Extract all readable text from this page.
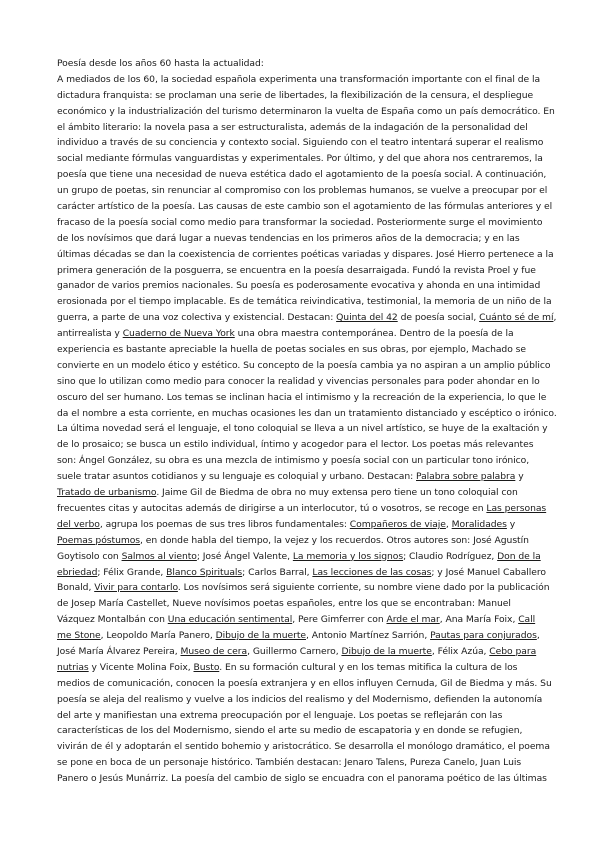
Poesía desde los años 60 hasta la actualidad:
A mediados de los 60, la sociedad española experimenta una transformación importante con el final de la
dictadura franquista: se proclaman una serie de libertades, la flexibilización de la censura, el despliegue
económico y la industrialización del turismo determinaron la vuelta de España como un país democrático. En
el ámbito literario: la novela pasa a ser estructuralista, además de la indagación de la personalidad del
individuo a través de su conciencia y contexto social. Siguiendo con el teatro intentará superar el realismo
social mediante fórmulas vanguardistas y experimentales. Por último, y del que ahora nos centraremos, la
poesía que tiene una necesidad de nueva estética dado el agotamiento de la poesía social. A continuación,
un grupo de poetas, sin renunciar al compromiso con los problemas humanos, se vuelve a preocupar por el
carácter artístico de la poesía. Las causas de este cambio son el agotamiento de las fórmulas anteriores y el
fracaso de la poesía social como medio para transformar la sociedad. Posteriormente surge el movimiento
de los novísimos que dará lugar a nuevas tendencias en los primeros años de la democracia; y en las
últimas décadas se dan la coexistencia de corrientes poéticas variadas y dispares. José Hierro pertenece a la
primera generación de la posguerra, se encuentra en la poesía desarraigada. Fundó la revista Proel y fue
ganador de varios premios nacionales. Su poesía es poderosamente evocativa y ahonda en una intimidad
erosionada por el tiempo implacable. Es de temática reivindicativa, testimonial, la memoria de un niño de la
guerra, a parte de una voz colectiva y existencial. Destacan: Quinta del 42 de poesía social, Cuánto sé de mí,
antirrealista y Cuaderno de Nueva York una obra maestra contemporánea. Dentro de la poesía de la
experiencia es bastante apreciable la huella de poetas sociales en sus obras, por ejemplo, Machado se
convierte en un modelo ético y estético. Su concepto de la poesía cambia ya no aspiran a un amplio público
sino que lo utilizan como medio para conocer la realidad y vivencias personales para poder ahondar en lo
oscuro del ser humano. Los temas se inclinan hacia el intimismo y la recreación de la experiencia, lo que le
da el nombre a esta corriente, en muchas ocasiones les dan un tratamiento distanciado y escéptico o irónico.
La última novedad será el lenguaje, el tono coloquial se lleva a un nivel artístico, se huye de la exaltación y
de lo prosaico; se busca un estilo individual, íntimo y acogedor para el lector. Los poetas más relevantes
son: Ángel González, su obra es una mezcla de intimismo y poesía social con un particular tono irónico,
suele tratar asuntos cotidianos y su lenguaje es coloquial y urbano. Destacan: Palabra sobre palabra y
Tratado de urbanismo. Jaime Gil de Biedma de obra no muy extensa pero tiene un tono coloquial con
frecuentes citas y autocitas además de dirigirse a un interlocutor, tú o vosotros, se recoge en Las personas
del verbo, agrupa los poemas de sus tres libros fundamentales: Compañeros de viaje, Moralidades y
Poemas póstumos, en donde habla del tiempo, la vejez y los recuerdos. Otros autores son: José Agustín
Goytisolo con Salmos al viento; José Ángel Valente, La memoria y los signos; Claudio Rodríguez, Don de la
ebriedad; Félix Grande, Blanco Spirituals; Carlos Barral, Las lecciones de las cosas; y José Manuel Caballero
Bonald, Vivir para contarlo. Los novísimos será siguiente corriente, su nombre viene dado por la publicación
de Josep María Castellet, Nueve novísimos poetas españoles, entre los que se encontraban: Manuel
Vázquez Montalbán con Una educación sentimental, Pere Gimferrer con Arde el mar, Ana María Foix, Call
me Stone, Leopoldo María Panero, Dibujo de la muerte, Antonio Martínez Sarrión, Pautas para conjurados,
José María Álvarez Pereira, Museo de cera, Guillermo Carnero, Dibujo de la muerte, Félix Azúa, Cebo para
nutrias y Vicente Molina Foix, Busto. En su formación cultural y en los temas mitifica la cultura de los
medios de comunicación, conocen la poesía extranjera y en ellos influyen Cernuda, Gil de Biedma y más. Su
poesía se aleja del realismo y vuelve a los indicios del realismo y del Modernismo, defienden la autonomía
del arte y manifiestan una extrema preocupación por el lenguaje. Los poetas se reflejarán con las
características de los del Modernismo, siendo el arte su medio de escapatoria y en donde se refugien,
vivirán de él y adoptarán el sentido bohemio y aristocrático. Se desarrolla el monólogo dramático, el poema
se pone en boca de un personaje histórico. También destacan: Jenaro Talens, Pureza Canelo, Juan Luis
Panero o Jesús Munárriz. La poesía del cambio de siglo se encuadra con el panorama poético de las últimas
